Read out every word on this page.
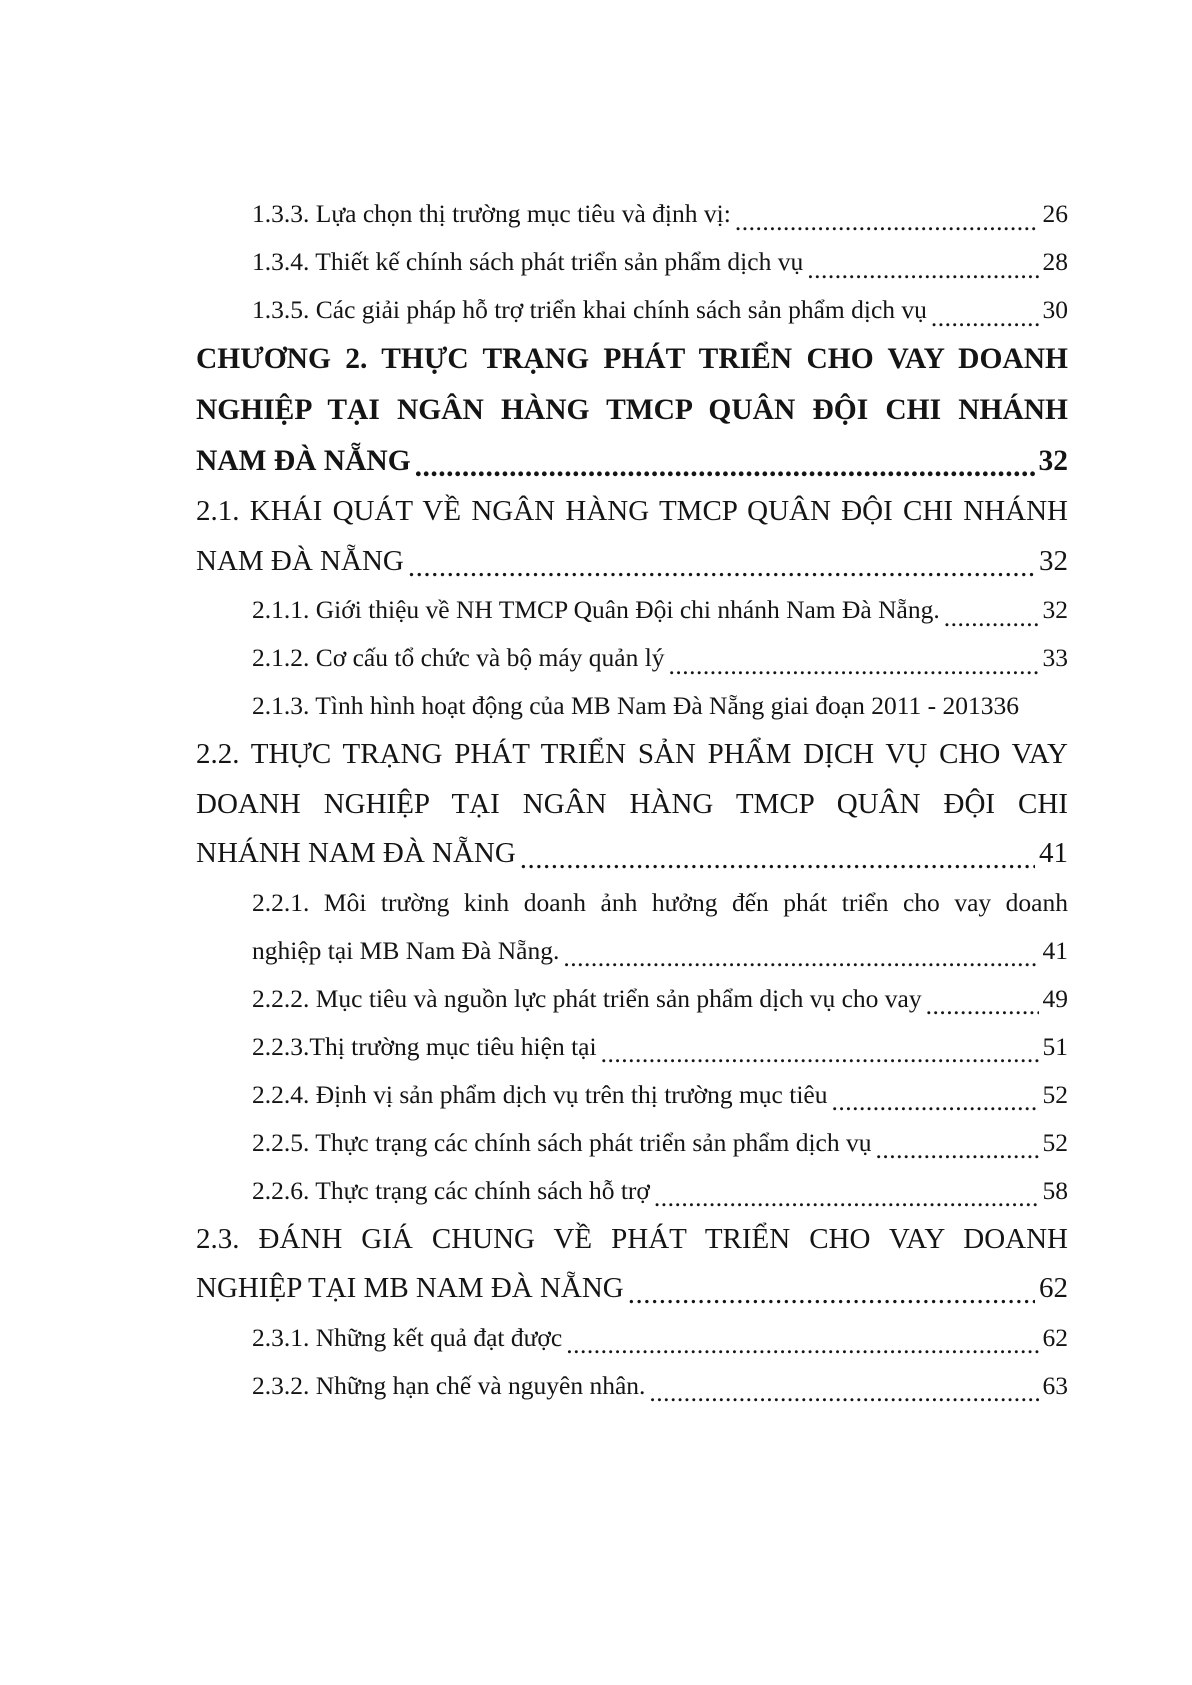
1.3.3. Lựa chọn thị trường mục tiêu và định vị: .....	26
1.3.4. Thiết kế chính sách phát triển sản phẩm dịch vụ .....	28
1.3.5. Các giải pháp hỗ trợ triển khai chính sách sản phẩm dịch vụ .....	30
CHƯƠNG 2. THỰC TRẠNG PHÁT TRIỂN CHO VAY DOANH
NGHIỆP TẠI NGÂN HÀNG TMCP QUÂN ĐỘI CHI NHÁNH
NAM ĐÀ NẴNG .....	32
2.1. KHÁI QUÁT VỀ NGÂN HÀNG TMCP QUÂN ĐỘI CHI NHÁNH
NAM ĐÀ NẴNG .....	32
2.1.1. Giới thiệu về NH TMCP Quân Đội chi nhánh Nam Đà Nẵng. .....	32
2.1.2. Cơ cấu tổ chức và bộ máy quản lý .....	33
2.1.3. Tình hình hoạt động của MB Nam Đà Nẵng giai đoạn 2011 - 2013 36
2.2. THỰC TRẠNG PHÁT TRIỂN SẢN PHẨM DỊCH VỤ CHO VAY
DOANH NGHIỆP TẠI NGÂN HÀNG TMCP QUÂN ĐỘI CHI
NHÁNH NAM ĐÀ NẴNG .....	41
2.2.1. Môi trường kinh doanh ảnh hưởng đến phát triển cho vay doanh
nghiệp tại MB Nam Đà Nẵng. .....	41
2.2.2. Mục tiêu và nguồn lực phát triển sản phẩm dịch vụ cho vay .....	49
2.2.3.Thị trường mục tiêu hiện tại .....	51
2.2.4. Định vị sản phẩm dịch vụ trên thị trường mục tiêu .....	52
2.2.5. Thực trạng các chính sách phát triển sản phẩm dịch vụ .....	52
2.2.6. Thực trạng các chính sách hỗ trợ .....	58
2.3. ĐÁNH GIÁ CHUNG VỀ PHÁT TRIỂN CHO VAY DOANH
NGHIỆP TẠI MB NAM ĐÀ NẴNG .....	62
2.3.1. Những kết quả đạt được .....	62
2.3.2. Những hạn chế và nguyên nhân. .....	63
